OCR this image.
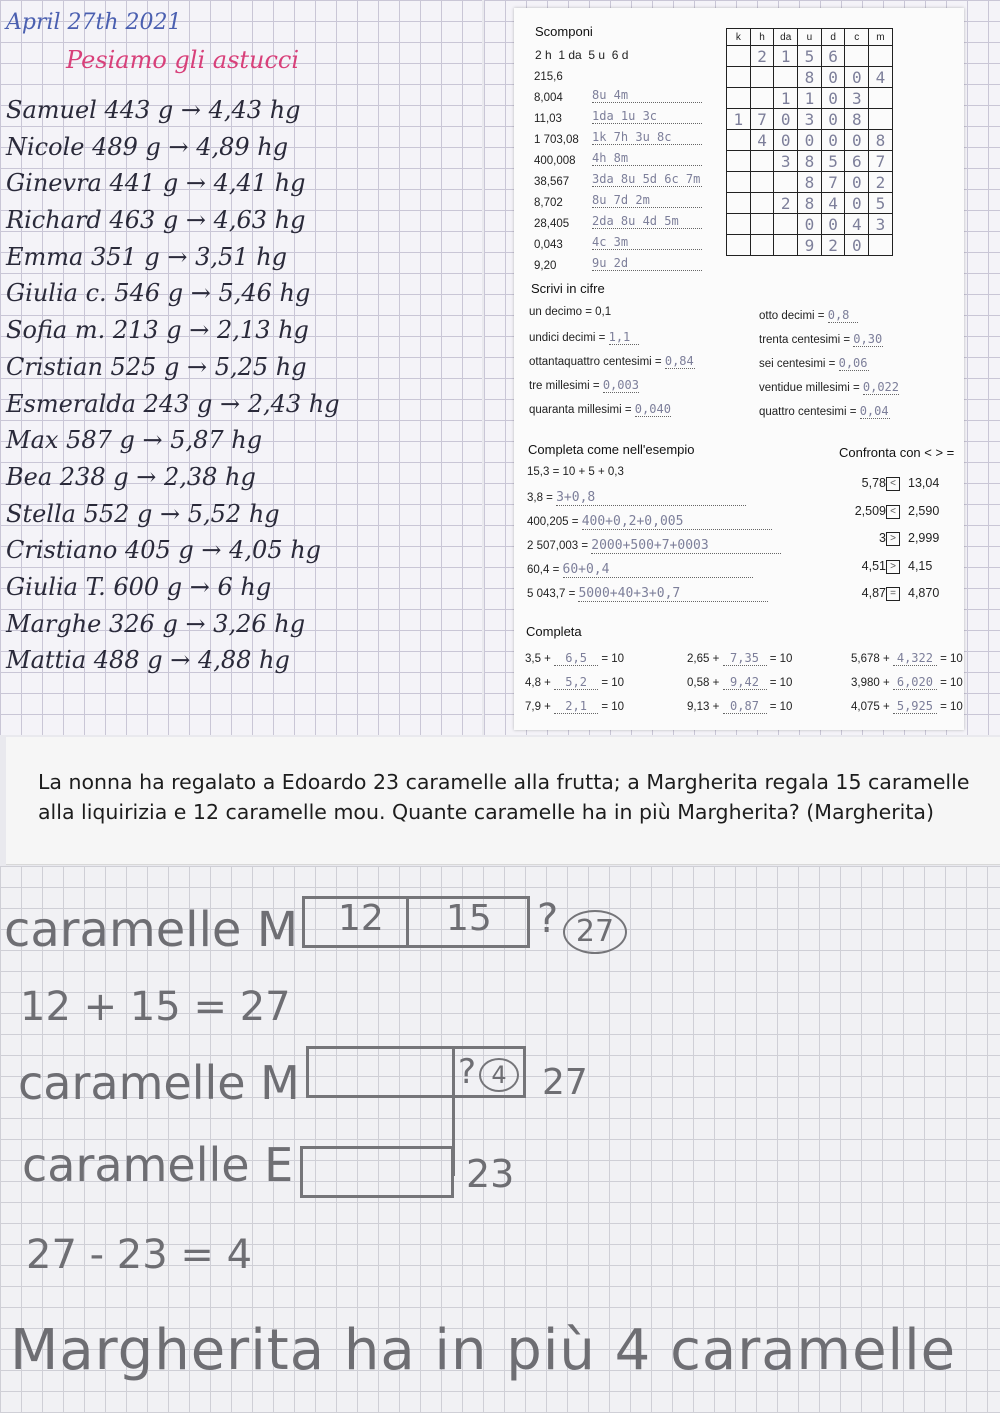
April 27th 2021
Pesiamo gli astucci
Samuel 443 g → 4,43 hg
Nicole 489 g → 4,89 hg
Ginevra 441 g → 4,41 hg
Richard 463 g → 4,63 hg
Emma 351 g → 3,51 hg
Giulia c. 546 g → 5,46 hg
Sofia m. 213 g → 2,13 hg
Cristian 525 g → 5,25 hg
Esmeralda 243 g → 2,43 hg
Max 587 g → 5,87 hg
Bea 238 g → 2,38 hg
Stella 552 g → 5,52 hg
Cristiano 405 g → 4,05 hg
Giulia T. 600 g → 6 hg
Marghe 326 g → 3,26 hg
Mattia 488 g → 4,88 hg
Scomponi
2 h  1 da  5 u  6 d
215,6
8,004 8u 4m
11,03	1da 1u 3c
1 703,08 1k 7h 3u 8c
400,008 4h 8m
38,567 3da 8u 5d 6c 7m
8,702 8u 7d 2m
28,405 2da 8u 4d 5m
0,043 4c 3m
9,20	9u 2d
k	h	da	u	d	c	m
	2	1	5	6		
			8	0	0	4
		1	1	0	3	
1	7	0	3	0	8	
	4	0	0	0	0	8
		3	8	5	6	7
			8	7	0	2
		2	8	4	0	5
			0	0	4	3
			9	2	0	
Scrivi in cifre
un decimo = 0,1
undici decimi = 1,1
ottantaquattro centesimi = 0,84
tre millesimi = 0,003
quaranta millesimi = 0,040
otto decimi = 0,8
trenta centesimi = 0,30
sei centesimi = 0,06
ventidue millesimi = 0,022
quattro centesimi = 0,04
Completa come nell'esempio
15,3 = 10 + 5 + 0,3
3,8 = 3+0,8
400,205 = 400+0,2+0,005
2 507,003 = 2000+500+7+0003
60,4 = 60+0,4
5 043,7 = 5000+40+3+0,7
Confronta con < > =
5,78 < 13,04
2,509 < 2,590
3 > 2,999
4,51 > 4,15
4,87 = 4,870
Completa
3,5 + 6,5 = 10
4,8 + 5,2 = 10
7,9 + 2,1 = 10
2,65 + 7,35 = 10
0,58 + 9,42 = 10
9,13 + 0,87 = 10
5,678 + 4,322 = 10
3,980 + 6,020 = 10
4,075 + 5,925 = 10
La nonna ha regalato a Edoardo 23 caramelle alla frutta; a Margherita regala 15 caramelle alla liquirizia e 12 caramelle mou. Quante caramelle ha in più Margherita? (Margherita)
caramelle M 12 15 ? 27
12 + 15 = 27
caramelle M	? 4 27
caramelle E	23
27 - 23 = 4
Margherita ha in più 4 caramelle
